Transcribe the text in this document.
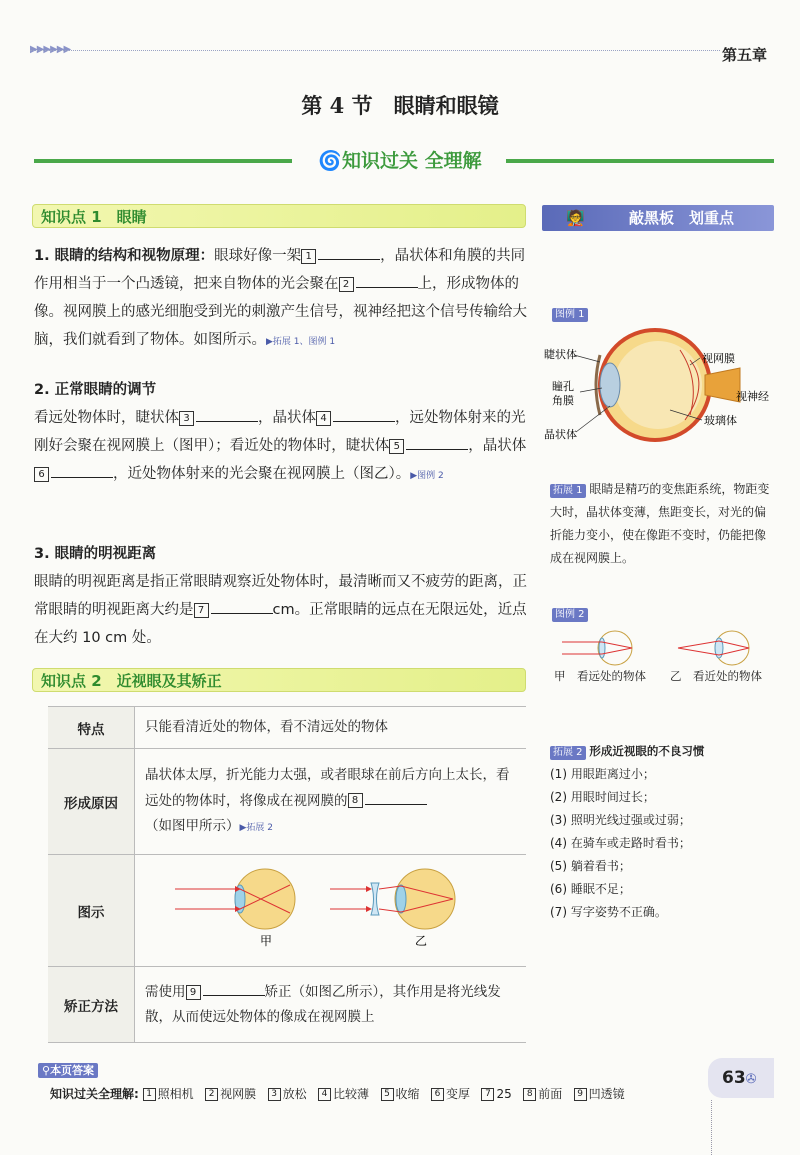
▶▶▶▶▶▶	第五章
第 4 节　眼睛和眼镜
🌀知识过关 全理解
知识点 1　眼睛
1. 眼睛的结构和视物原理：眼球好像一架 1	，晶状体和角膜的共同作用相当于一个凸透镜，把来自物体的光会聚在 2	上，形成物体的像。视网膜上的感光细胞受到光的刺激产生信号，视神经把这个信号传输给大脑，我们就看到了物体。如图所示。▶拓展 1、图例 1
2. 正常眼睛的调节
看远处物体时，睫状体 3	，晶状体 4	，远处物体射来的光刚好会聚在视网膜上（图甲）；看近处的物体时，睫状体 5	，晶状体6	，近处物体射来的光会聚在视网膜上（图乙）。▶图例 2
3. 眼睛的明视距离
眼睛的明视距离是指正常眼睛观察近处物体时，最清晰而又不疲劳的距离，正常眼睛的明视距离大约是 7	cm。正常眼睛的远点在无限远处，近点在大约 10 cm 处。
知识点 2　近视眼及其矫正
特点	只能看清近处的物体，看不清远处的物体
形成原因	晶状体太厚，折光能力太强，或者眼球在前后方向上太长，看远处的物体时，将像成在视网膜的 8（如图甲所示）▶拓展 2
图示	甲 乙

矫正方法	需使用 9 矫正（如图乙所示），其作用是将光线发散，从而使远处物体的像成在视网膜上
🧑‍🏫	敲黑板　划重点
图例 1
睫状体
瞳孔
角膜
晶状体
视网膜
视神经
玻璃体
拓展 1 眼睛是精巧的变焦距系统，物距变大时，晶状体变薄，焦距变长，对光的偏折能力变小，使在像距不变时，仍能把像成在视网膜上。
图例 2
甲　看远处的物体 乙　看近处的物体
拓展 2 形成近视眼的不良习惯
(1) 用眼距离过小；
(2) 用眼时间过长；
(3) 照明光线过强或过弱；
(4) 在骑车或走路时看书；
(5) 躺着看书；
(6) 睡眠不足；
(7) 写字姿势不正确。
⚲本页答案
知识过关全理解: 1 照相机 2 视网膜 3 放松 4 比较薄 5 收缩 6 变厚 7 25 8 前面 9 凹透镜
63✇
